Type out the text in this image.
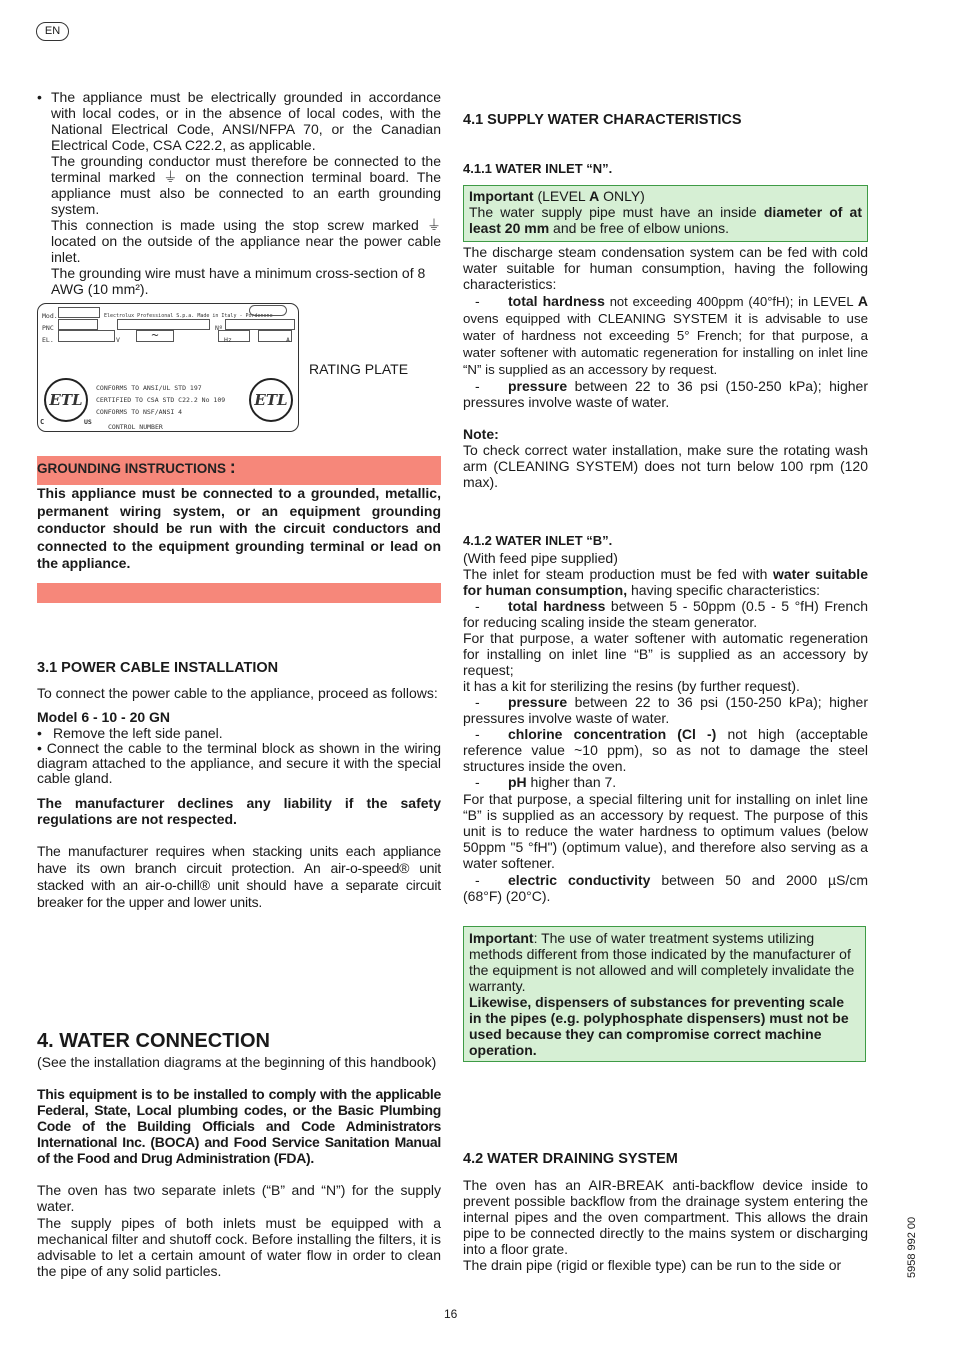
EN
• The appliance must be electrically grounded in accordance with local codes, or in the absence of local codes, with the National Electrical Code, ANSI/NFPA 70, or the Canadian Electrical Code, CSA C22.2, as applicable.

The grounding conductor must therefore be connected to the terminal marked ⏚ on the connection terminal board. The appliance must also be connected to an earth grounding system.

This connection is made using the stop screw marked ⏚ located on the outside of the appliance near the power cable inlet.

The grounding wire must have a minimum cross-section of 8 AWG (10 mm²).

Mod.	Electrolux Professional S.p.a. Made in Italy - Pordenone
PNC	Nº
EL.	V	~	Hz	A
ETL
C	US
ETL
CONFORMS TO ANSI/UL STD 197
CERTIFIED TO CSA STD C22.2 No 109
CONFORMS TO NSF/ANSI 4
CONTROL NUMBER
RATING PLATE
GROUNDING INSTRUCTIONS :

This appliance must be connected to a grounded, metallic, permanent wiring system, or an equipment grounding conductor should be run with the circuit conductors and connected to the equipment grounding terminal or lead on the appliance.

3.1 POWER CABLE INSTALLATION

To connect the power cable to the appliance, proceed as follows:

Model 6 - 10 - 20 GN

• Remove the left side panel.

• Connect the cable to the terminal block as shown in the wiring diagram attached to the appliance, and secure it with the special cable gland.

The manufacturer declines any liability if the safety regulations are not respected.

The manufacturer requires when stacking units each appliance have its own branch circuit protection. An air-o-speed® unit stacked with an air-o-chill® unit should have a separate circuit breaker for the upper and lower units.

4. WATER CONNECTION

(See the installation diagrams at the beginning of this handbook)

This equipment is to be installed to comply with the applicable Federal, State, Local plumbing codes, or the Basic Plumbing Code of the Building Officials and Code Administrators International Inc. (BOCA) and Food Service Sanitation Manual of the Food and Drug Administration (FDA).

The oven has two separate inlets (“B” and “N”) for the supply water.

The supply pipes of both inlets must be equipped with a mechanical filter and shutoff cock. Before installing the filters, it is advisable to let a certain amount of water flow in order to clean the pipe of any solid particles.

4.1 SUPPLY WATER CHARACTERISTICS
4.1.1 WATER INLET “N”.
Important (LEVEL A ONLY)
The water supply pipe must have an inside diameter of at least 20 mm and be free of elbow unions.

The discharge steam condensation system can be fed with cold water suitable for human consumption, having the following characteristics:

- total hardness not exceeding 400ppm (40°fH); in LEVEL A ovens equipped with CLEANING SYSTEM it is advisable to use water of hardness not exceeding 5° French; for that purpose, a water softener with automatic regeneration for installing on inlet line “N” is supplied as an accessory by request.

- pressure between 22 to 36 psi (150-250 kPa); higher pressures involve waste of water.

Note:

To check correct water installation, make sure the rotating wash arm (CLEANING SYSTEM) does not turn below 100 rpm (120 max).

4.1.2 WATER INLET “B”.

(With feed pipe supplied)

The inlet for steam production must be fed with water suitable for human consumption, having specific characteristics:

- total hardness between 5 - 50ppm (0.5 - 5 °fH) French for reducing scaling inside the steam generator.

For that purpose, a water softener with automatic regeneration for installing on inlet line “B” is supplied as an accessory by request;

it has a kit for sterilizing the resins (by further request).

- pressure between 22 to 36 psi (150-250 kPa); higher pressures involve waste of water.

- chlorine concentration (Cl -) not high (acceptable reference value ~10 ppm), so as not to damage the steel structures inside the oven.

- pH higher than 7.

For that purpose, a special filtering unit for installing on inlet line “B” is supplied as an accessory by request. The purpose of this unit is to reduce the water hardness to optimum values (below 50ppm "5 °fH") (optimum value), and therefore also serving as a water softener.

- electric conductivity between 50 and 2000 µS/cm (68°F) (20°C).

Important: The use of water treatment systems utilizing methods different from those indicated by the manufacturer of the equipment is not allowed and will completely invalidate the warranty.

Likewise, dispensers of substances for preventing scale in the pipes (e.g. polyphosphate dispensers) must not be used because they can compromise correct machine operation.

4.2 WATER DRAINING SYSTEM

The oven has an AIR-BREAK anti-backflow device inside to prevent possible backflow from the drainage system entering the internal pipes and the oven compartment. This allows the drain pipe to be connected directly to the mains system or discharging into a floor grate.

The drain pipe (rigid or flexible type) can be run to the side or

16
5958 992 00
